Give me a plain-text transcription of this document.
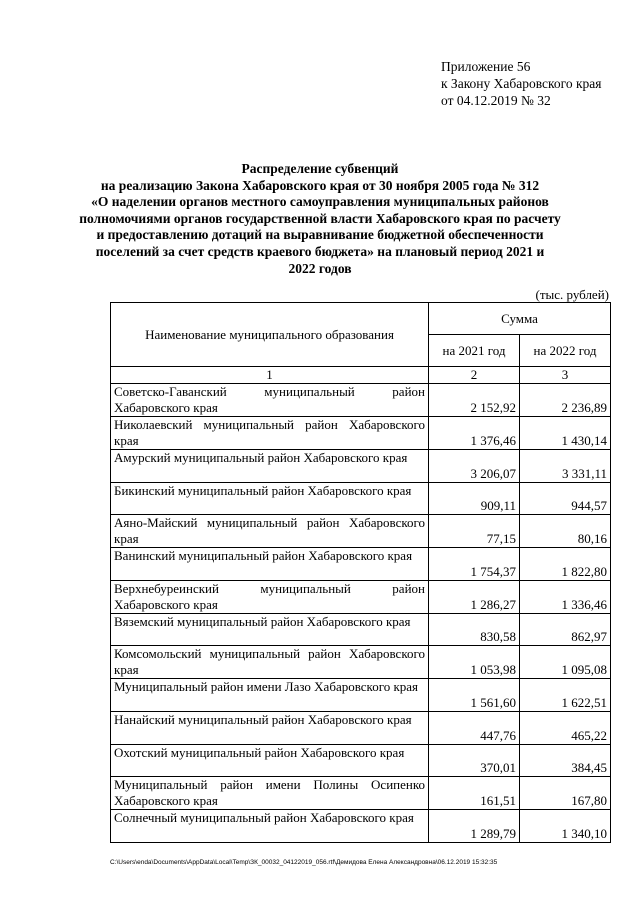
Приложение 56
к Закону Хабаровского края
от 04.12.2019 № 32
Распределение субвенций
на реализацию Закона Хабаровского края от 30 ноября 2005 года № 312
«О наделении органов местного самоуправления муниципальных районов
полномочиями органов государственной власти Хабаровского края по расчету
и предоставлению дотаций на выравнивание бюджетной обеспеченности
поселений за счет средств краевого бюджета» на плановый период 2021 и
2022 годов
(тыс. рублей)
Наименование муниципального образования	Сумма	
	на 2021 год	на 2022 год
1	2	3
Советско-Гаванский муниципальный район Хабаровского края	2 152,92	2 236,89
Николаевский муниципальный район Хабаровского края	1 376,46	1 430,14
Амурский муниципальный район Хабаровского края	3 206,07	3 331,11
Бикинский муниципальный район Хабаровского края	909,11	944,57
Аяно-Майский муниципальный район Хабаровского края	77,15	80,16
Ванинский муниципальный район Хабаровского края	1 754,37	1 822,80
Верхнебуреинский муниципальный район Хабаровского края	1 286,27	1 336,46
Вяземский муниципальный район Хабаровского края	830,58	862,97
Комсомольский муниципальный район Хабаровского края	1 053,98	1 095,08
Муниципальный район имени Лазо Хабаровского края	1 561,60	1 622,51
Нанайский муниципальный район Хабаровского края	447,76	465,22
Охотский муниципальный район Хабаровского края	370,01	384,45
Муниципальный район имени Полины Осипенко Хабаровского края	161,51	167,80
Солнечный муниципальный район Хабаровского края	1 289,79	1 340,10
C:\Users\enda\Documents\AppData\Local\Temp\ЗК_00032_04122019_056.rtf\Демидова Елена Александровна\06.12.2019 15:32:35
